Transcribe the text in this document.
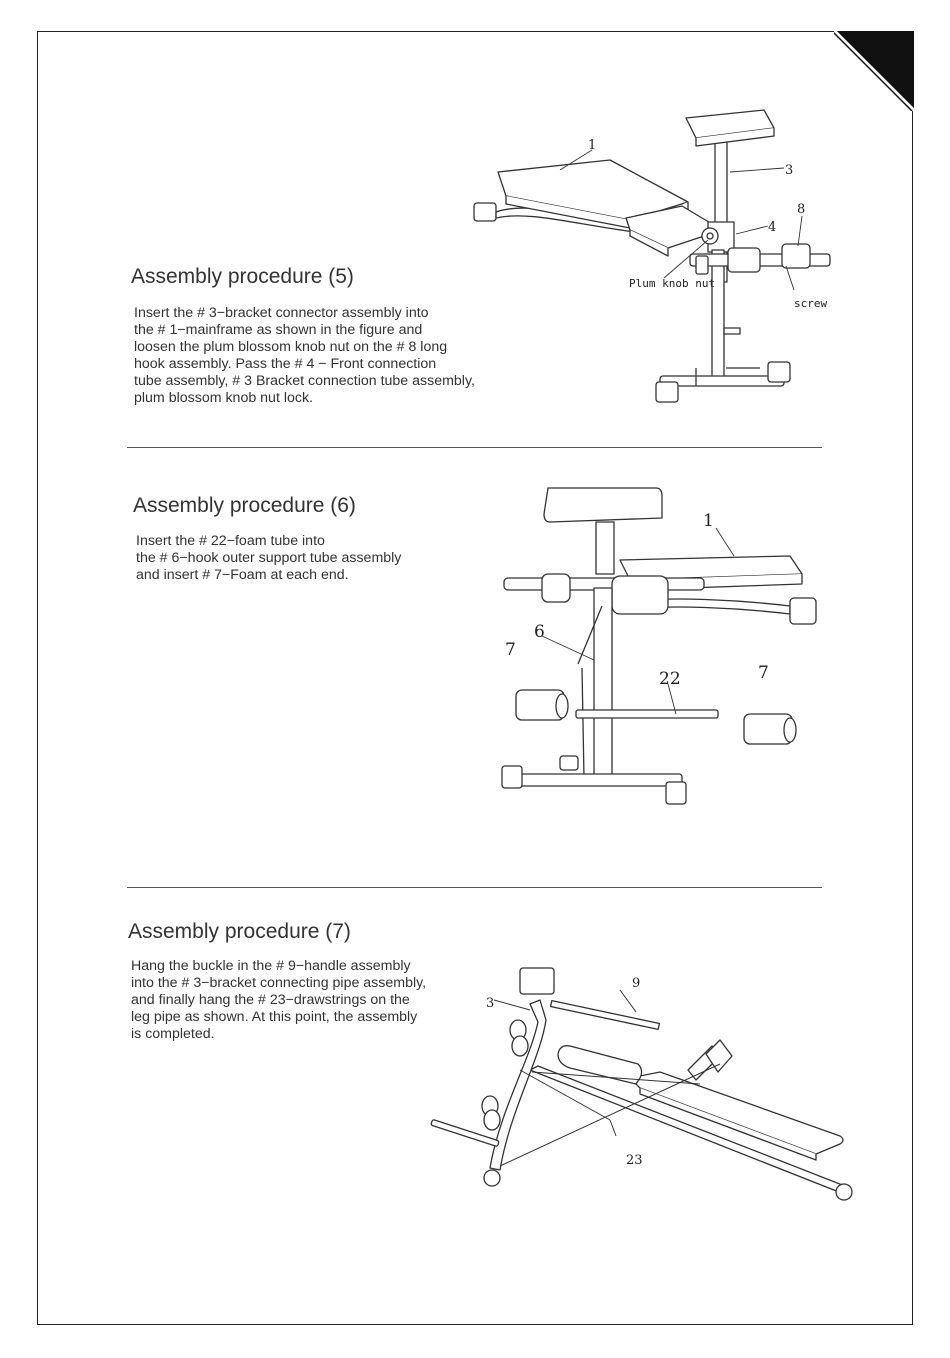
Assembly procedure (5)

Insert the # 3−bracket connector assembly into
the # 1−mainframe as shown in the figure and
loosen the plum blossom knob nut on the # 8 long
hook assembly. Pass the # 4 − Front connection
tube assembly, # 3 Bracket connection tube assembly,
plum blossom knob nut lock.

1
3
4
8
Plum knob nut
screw
Assembly procedure (6)

Insert the # 22−foam tube into
the # 6−hook outer support tube assembly
and insert # 7−Foam at each end.

1
6
7
22	7
Assembly procedure (7)

Hang the buckle in the # 9−handle assembly
into the # 3−bracket connecting pipe assembly,
and finally hang the # 23−drawstrings on the
leg pipe as shown. At this point, the assembly
is completed.

3
9
23
